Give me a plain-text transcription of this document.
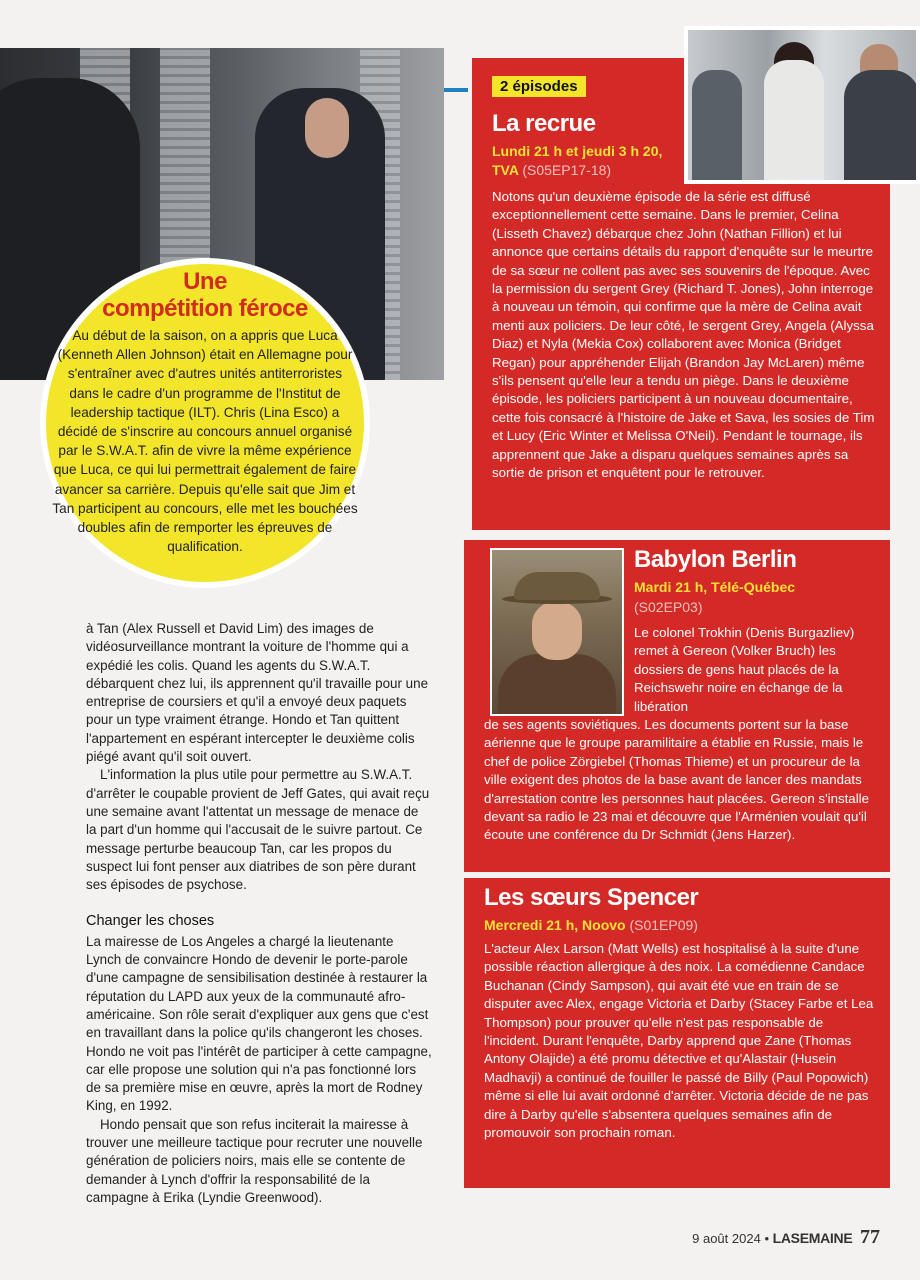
Une
compétition féroce
Au début de la saison, on a appris que Luca (Kenneth Allen Johnson) était en Allemagne pour s'entraîner avec d'autres unités antiterroristes dans le cadre d'un programme de l'Institut de leadership tactique (ILT). Chris (Lina Esco) a décidé de s'inscrire au concours annuel organisé par le S.W.A.T. afin de vivre la même expérience que Luca, ce qui lui permettrait également de faire avancer sa carrière. Depuis qu'elle sait que Jim et Tan participent au concours, elle met les bouchées doubles afin de remporter les épreuves de qualification.

à Tan (Alex Russell et David Lim) des images de vidéosurveillance montrant la voiture de l'homme qui a expédié les colis. Quand les agents du S.W.A.T. débarquent chez lui, ils apprennent qu'il travaille pour une entreprise de coursiers et qu'il a envoyé deux paquets pour un type vraiment étrange. Hondo et Tan quittent l'appartement en espérant intercepter le deuxième colis piégé avant qu'il soit ouvert.

L'information la plus utile pour permettre au S.W.A.T. d'arrêter le coupable provient de Jeff Gates, qui avait reçu une semaine avant l'attentat un message de menace de la part d'un homme qui l'accusait de le suivre partout. Ce message perturbe beaucoup Tan, car les propos du suspect lui font penser aux diatribes de son père durant ses épisodes de psychose.

Changer les choses

La mairesse de Los Angeles a chargé la lieutenante Lynch de convaincre Hondo de devenir le porte-parole d'une campagne de sensibilisation destinée à restaurer la réputation du LAPD aux yeux de la communauté afro-américaine. Son rôle serait d'expliquer aux gens que c'est en travaillant dans la police qu'ils changeront les choses. Hondo ne voit pas l'intérêt de participer à cette campagne, car elle propose une solution qui n'a pas fonctionné lors de sa première mise en œuvre, après la mort de Rodney King, en 1992.

Hondo pensait que son refus inciterait la mairesse à trouver une meilleure tactique pour recruter une nouvelle génération de policiers noirs, mais elle se contente de demander à Lynch d'offrir la responsabilité de la campagne à Erika (Lyndie Greenwood).

2 épisodes
La recrue
Lundi 21 h et jeudi 3 h 20,
TVA (S05EP17-18)
Notons qu'un deuxième épisode de la série est diffusé exceptionnellement cette semaine. Dans le premier, Celina (Lisseth Chavez) débarque chez John (Nathan Fillion) et lui annonce que certains détails du rapport d'enquête sur le meurtre de sa sœur ne collent pas avec ses souvenirs de l'époque. Avec la permission du sergent Grey (Richard T. Jones), John interroge à nouveau un témoin, qui confirme que la mère de Celina avait menti aux policiers. De leur côté, le sergent Grey, Angela (Alyssa Diaz) et Nyla (Mekia Cox) collaborent avec Monica (Bridget Regan) pour appréhender Elijah (Brandon Jay McLaren) même s'ils pensent qu'elle leur a tendu un piège. Dans le deuxième épisode, les policiers participent à un nouveau documentaire, cette fois consacré à l'histoire de Jake et Sava, les sosies de Tim et Lucy (Eric Winter et Melissa O'Neil). Pendant le tournage, ils apprennent que Jake a disparu quelques semaines après sa sortie de prison et enquêtent pour le retrouver.
Babylon Berlin
Mardi 21 h, Télé-Québec
(S02EP03)
Le colonel Trokhin (Denis Burgazliev) remet à Gereon (Volker Bruch) les dossiers de gens haut placés de la Reichswehr noire en échange de la libération
de ses agents soviétiques. Les documents portent sur la base aérienne que le groupe paramilitaire a établie en Russie, mais le chef de police Zörgiebel (Thomas Thieme) et un procureur de la ville exigent des photos de la base avant de lancer des mandats d'arrestation contre les personnes haut placées. Gereon s'installe devant sa radio le 23 mai et découvre que l'Arménien voulait qu'il écoute une conférence du Dr Schmidt (Jens Harzer).
Les sœurs Spencer
Mercredi 21 h, Noovo (S01EP09)
L'acteur Alex Larson (Matt Wells) est hospitalisé à la suite d'une possible réaction allergique à des noix. La comédienne Candace Buchanan (Cindy Sampson), qui avait été vue en train de se disputer avec Alex, engage Victoria et Darby (Stacey Farbe et Lea Thompson) pour prouver qu'elle n'est pas responsable de l'incident. Durant l'enquête, Darby apprend que Zane (Thomas Antony Olajide) a été promu détective et qu'Alastair (Husein Madhavji) a continué de fouiller le passé de Billy (Paul Popowich) même si elle lui avait ordonné d'arrêter. Victoria décide de ne pas dire à Darby qu'elle s'absentera quelques semaines afin de promouvoir son prochain roman.
9 août 2024 • LASEMAINE 77
